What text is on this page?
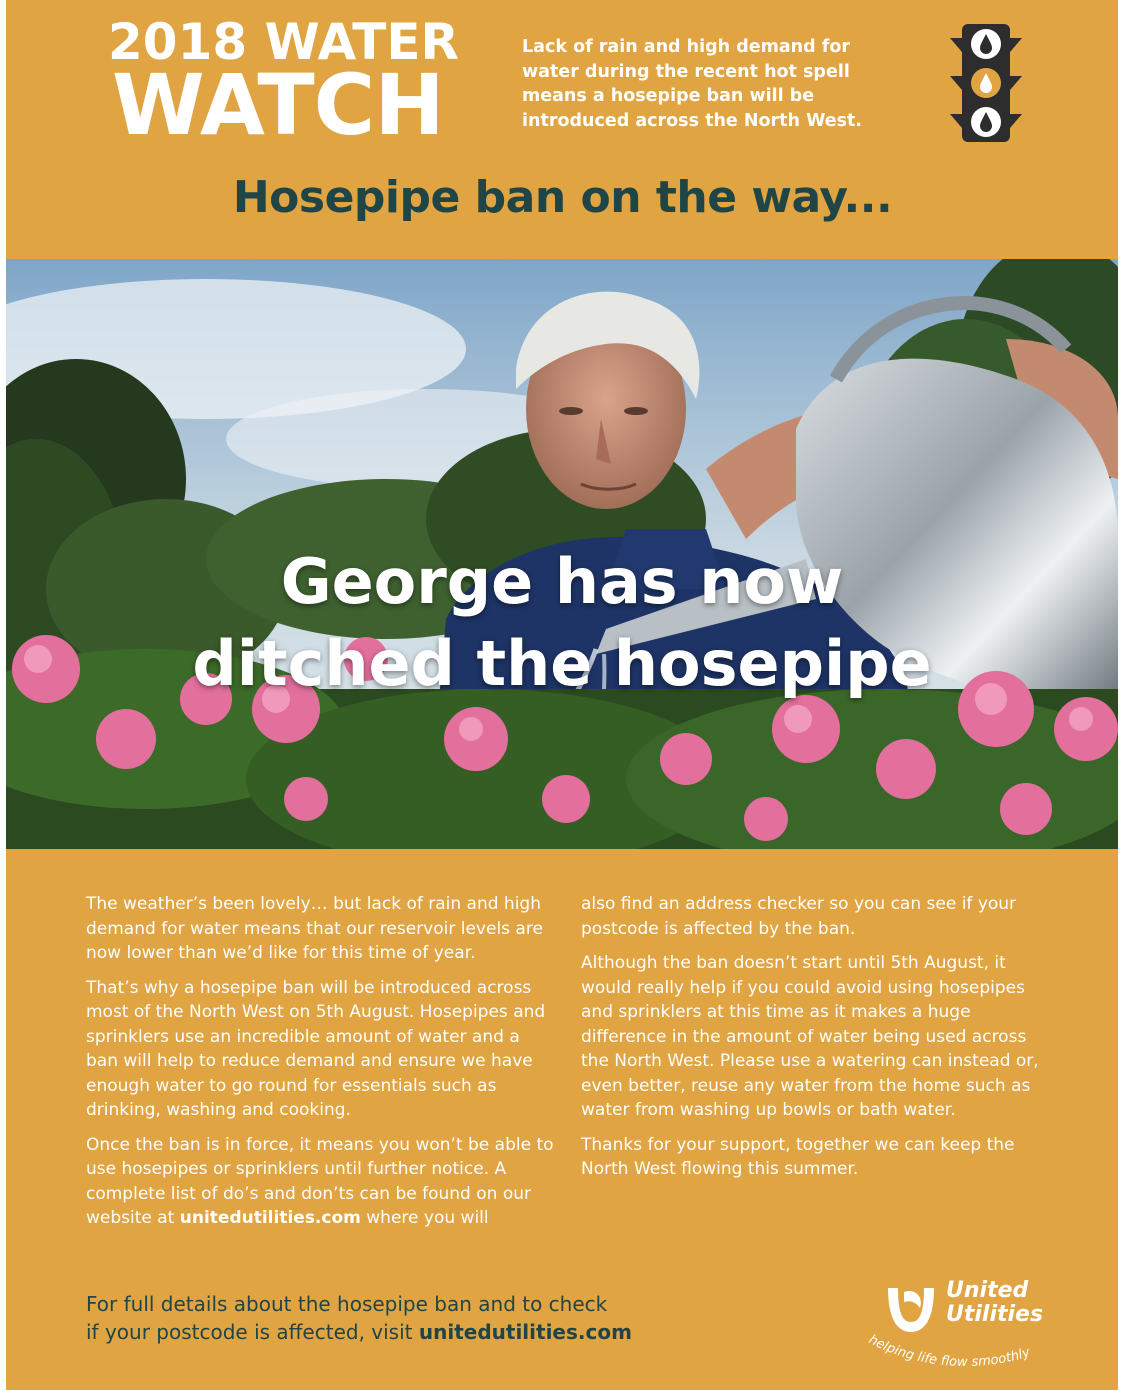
2018 WATER
WATCH
Lack of rain and high demand for water during the recent hot spell means a hosepipe ban will be introduced across the North West.
Hosepipe ban on the way...
George has now
ditched the hosepipe

The weather’s been lovely… but lack of rain and high demand for water means that our reservoir levels are now lower than we’d like for this time of year.

That’s why a hosepipe ban will be introduced across most of the North West on 5th August. Hosepipes and sprinklers use an incredible amount of water and a ban will help to reduce demand and ensure we have enough water to go round for essentials such as drinking, washing and cooking.

Once the ban is in force, it means you won’t be able to use hosepipes or sprinklers until further notice. A complete list of do’s and don’ts can be found on our website at unitedutilities.com where you will

also find an address checker so you can see if your postcode is affected by the ban.

Although the ban doesn’t start until 5th August, it would really help if you could avoid using hosepipes and sprinklers at this time as it makes a huge difference in the amount of water being used across the North West. Please use a watering can instead or, even better, reuse any water from the home such as water from washing up bowls or bath water.

Thanks for your support, together we can keep the North West flowing this summer.

For full details about the hosepipe ban and to check
if your postcode is affected, visit unitedutilities.com
United
Utilities
helping life flow smoothly
